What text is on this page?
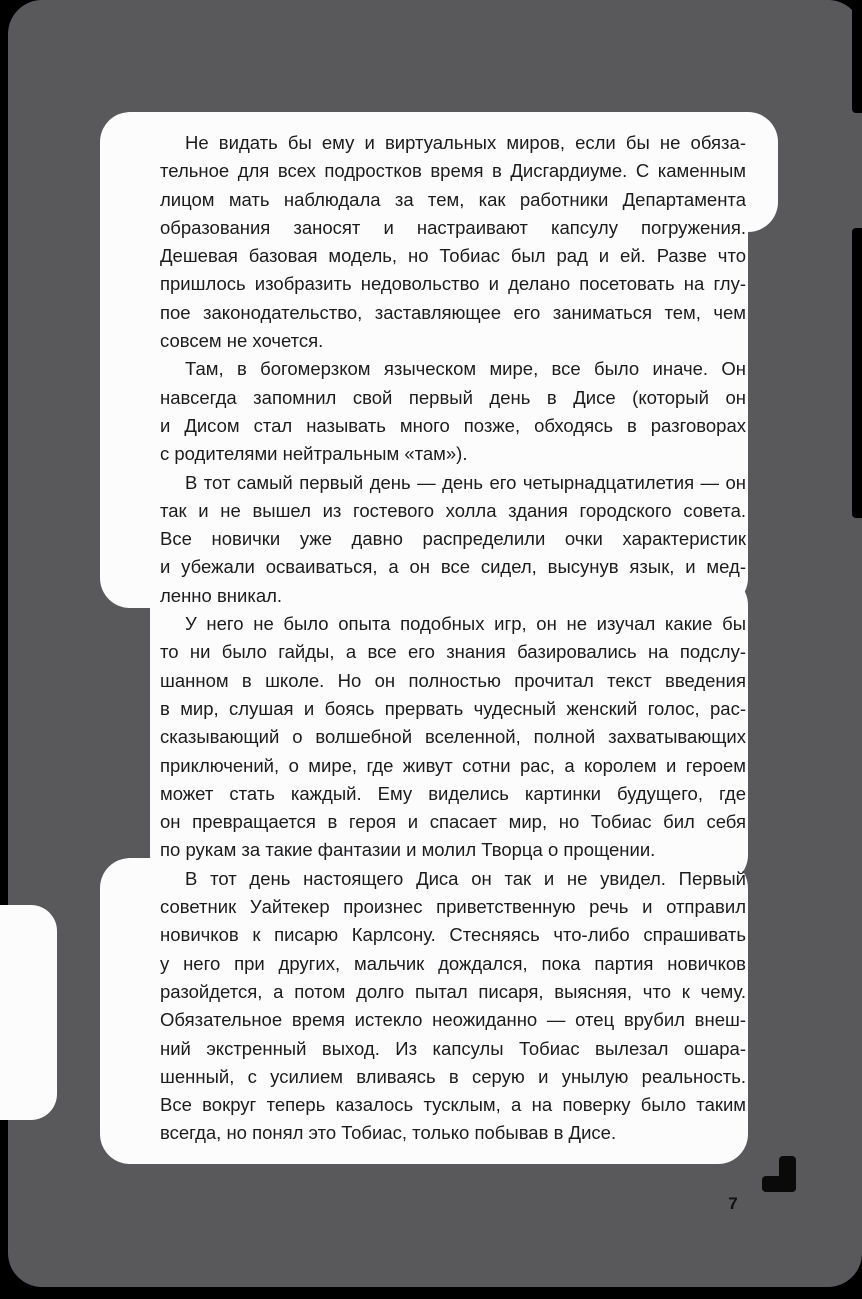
Не видать бы ему и виртуальных миров, если бы не обяза-
тельное для всех подростков время в Дисгардиуме. С каменным
лицом мать наблюдала за тем, как работники Департамента
образования заносят и настраивают капсулу погружения.
Дешевая базовая модель, но Тобиас был рад и ей. Разве что
пришлось изобразить недовольство и делано посетовать на глу-
пое законодательство, заставляющее его заниматься тем, чем
совсем не хочется.
Там, в богомерзком языческом мире, все было иначе. Он
навсегда запомнил свой первый день в Дисе (который он
и Дисом стал называть много позже, обходясь в разговорах
с родителями нейтральным «там»).
В тот самый первый день — день его четырнадцатилетия — он
так и не вышел из гостевого холла здания городского совета.
Все новички уже давно распределили очки характеристик
и убежали осваиваться, а он все сидел, высунув язык, и мед-
ленно вникал.
У него не было опыта подобных игр, он не изучал какие бы
то ни было гайды, а все его знания базировались на подслу-
шанном в школе. Но он полностью прочитал текст введения
в мир, слушая и боясь прервать чудесный женский голос, рас-
сказывающий о волшебной вселенной, полной захватывающих
приключений, о мире, где живут сотни рас, а королем и героем
может стать каждый. Ему виделись картинки будущего, где
он превращается в героя и спасает мир, но Тобиас бил себя
по рукам за такие фантазии и молил Творца о прощении.
В тот день настоящего Диса он так и не увидел. Первый
советник Уайтекер произнес приветственную речь и отправил
новичков к писарю Карлсону. Стесняясь что-либо спрашивать
у него при других, мальчик дождался, пока партия новичков
разойдется, а потом долго пытал писаря, выясняя, что к чему.
Обязательное время истекло неожиданно — отец врубил внеш-
ний экстренный выход. Из капсулы Тобиас вылезал ошара-
шенный, с усилием вливаясь в серую и унылую реальность.
Все вокруг теперь казалось тусклым, а на поверку было таким
всегда, но понял это Тобиас, только побывав в Дисе.
7
